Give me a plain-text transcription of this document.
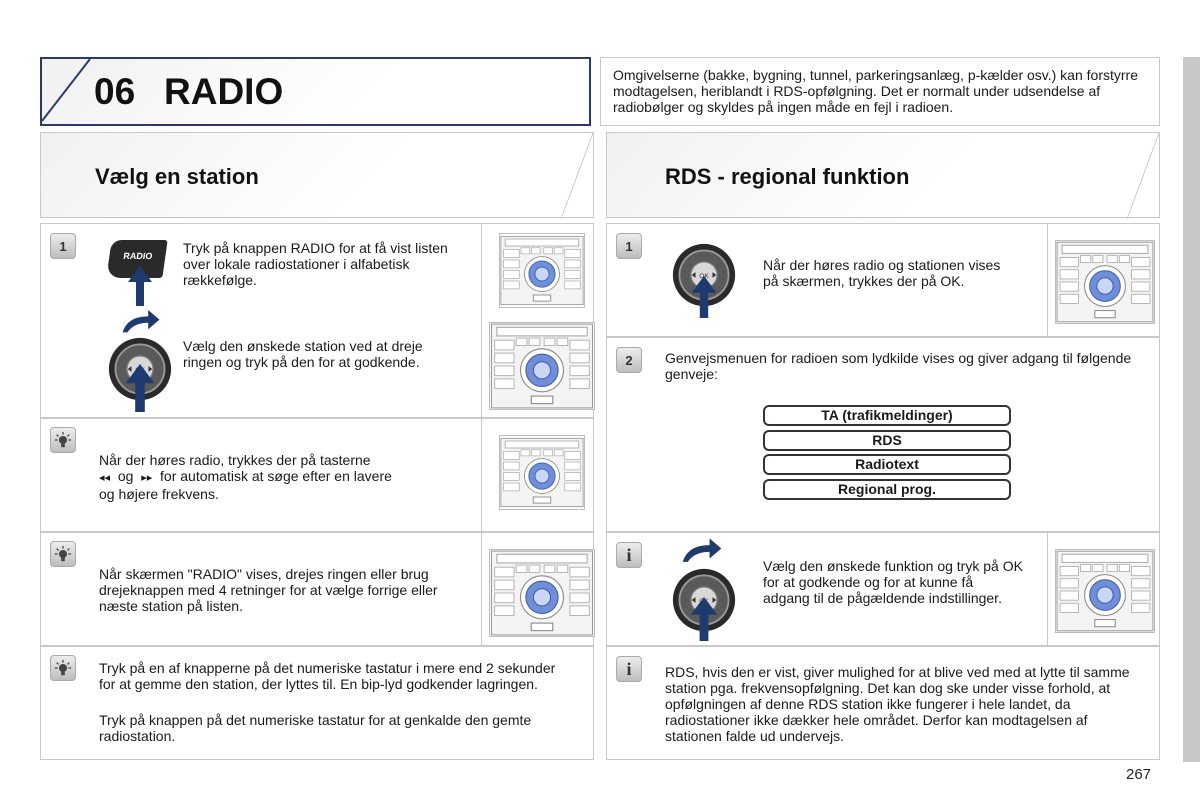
06 RADIO	Omgivelserne (bakke, bygning, tunnel, parkeringsanlæg, p-kælder osv.) kan forstyrre modtagelsen, heriblandt i RDS-opfølgning. Det er normalt under udsendelse af radiobølger og skyldes på ingen måde en fejl i radioen.
Vælg en station	RDS - regional funktion
1
RADIO Tryk på knappen RADIO for at få vist listen over lokale radiostationer i alfabetisk rækkefølge.
Vælg den ønskede station ved at dreje ringen og tryk på den for at godkende.
Når der høres radio, trykkes der på tasterne
◂◂ og ▸▸ for automatisk at søge efter en lavere
og højere frekvens.
Når skærmen "RADIO" vises, drejes ringen eller brug drejeknappen med 4 retninger for at vælge forrige eller næste station på listen.
Tryk på en af knapperne på det numeriske tastatur i mere end 2 sekunder for at gemme den station, der lyttes til. En bip-lyd godkender lagringen.
Tryk på knappen på det numeriske tastatur for at genkalde den gemte radiostation.
1
Når der høres radio og stationen vises på skærmen, trykkes der på OK.
2	Genvejsmenuen for radioen som lydkilde vises og giver adgang til følgende genveje:
TA (trafikmeldinger)
RDS
Radiotext
Regional prog.
i
Vælg den ønskede funktion og tryk på OK for at godkende og for at kunne få adgang til de pågældende indstillinger.
i	RDS, hvis den er vist, giver mulighed for at blive ved med at lytte til samme station pga. frekvensopfølgning. Det kan dog ske under visse forhold, at opfølgningen af denne RDS station ikke fungerer i hele landet, da radiostationer ikke dækker hele området. Derfor kan modtagelsen af stationen falde ud undervejs.
267
